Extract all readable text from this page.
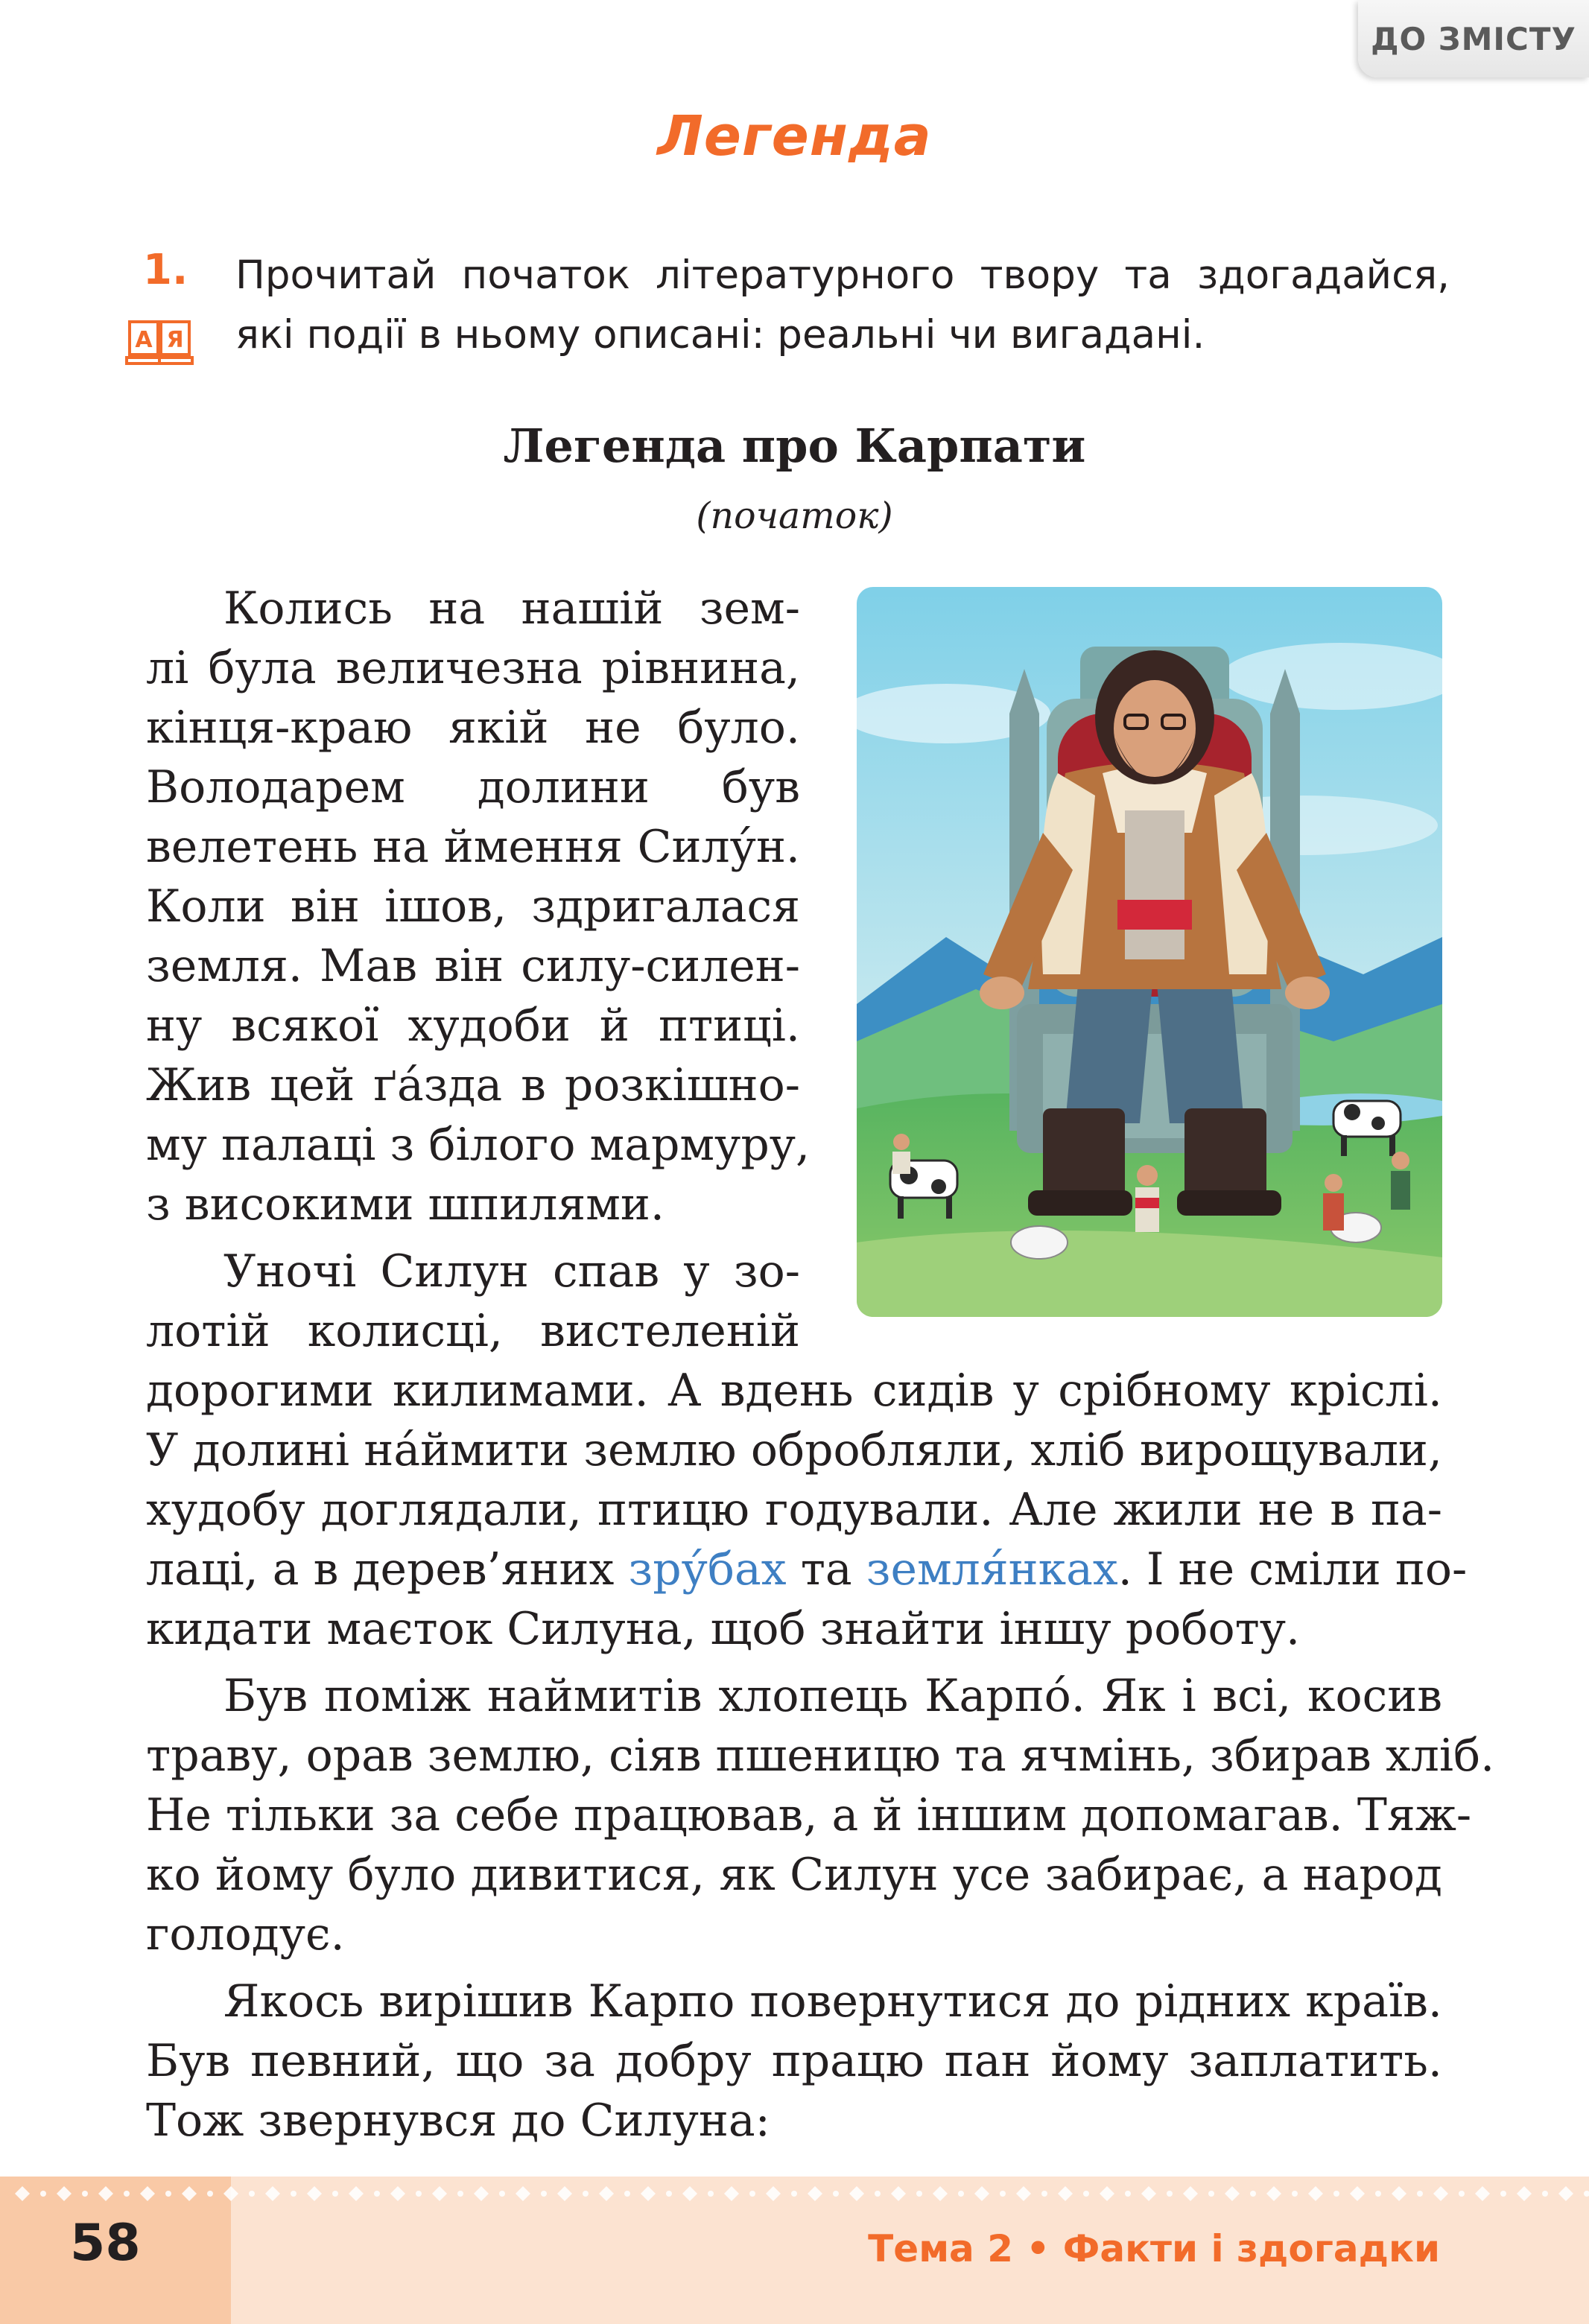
ДО ЗМІСТУ
Легенда
1.
А Я
Прочитай початок літературного твору та здогадайся, які події в ньому описані: реальні чи вигадані.
Легенда про Карпати
(початок)
Колись на нашій зем-
лі була величезна рівнина,
кінця-краю якій не було.
Володарем долини був
велетень на ймення Силу́н.
Коли він ішов, здригалася
земля. Мав він силу-силен-
ну всякої худоби й птиці.
Жив цей ґа́зда в розкішно-
му палаці з білого мармуру,
з високими шпилями.
Уночі Силун спав у зо-
лотій колисці, вистеленій
дорогими килимами. А вдень сидів у срібному кріслі.
У долині на́ймити землю обробляли, хліб вирощували,
худобу доглядали, птицю годували. Але жили не в па-
лаці, а в дерев’яних зру́бах та земля́нках. І не сміли по-
кидати маєток Силуна, щоб знайти іншу роботу.
Був поміж наймитів хлопець Карпо́. Як і всі, косив
траву, орав землю, сіяв пшеницю та ячмінь, збирав хліб.
Не тільки за себе працював, а й іншим допомагав. Тяж-
ко йому було дивитися, як Силун усе забирає, а народ
голодує.
Якось вирішив Карпо повернутися до рідних країв.
Був певний, що за добру працю пан йому заплатить.
Тож звернувся до Силуна:
58	Тема 2 • Факти і здогадки
